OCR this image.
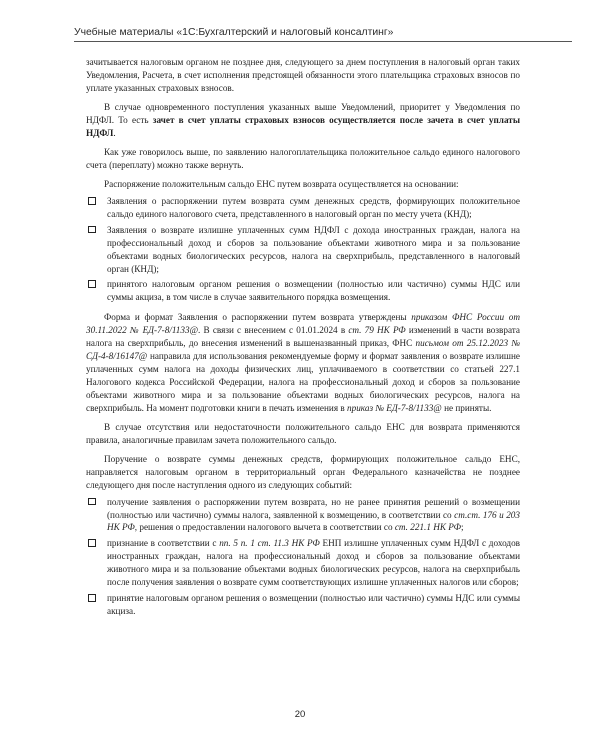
Учебные материалы «1С:Бухгалтерский и налоговый консалтинг»

зачитывается налоговым органом не позднее дня, следующего за днем поступления в налоговый орган таких Уведомления, Расчета, в счет исполнения предстоящей обязанности этого плательщика страховых взносов по уплате указанных страховых взносов.

В случае одновременного поступления указанных выше Уведомлений, приоритет у Уведомления по НДФЛ. То есть зачет в счет уплаты страховых взносов осуществляется после зачета в счет уплаты НДФЛ.

Как уже говорилось выше, по заявлению налогоплательщика положительное сальдо единого налогового счета (переплату) можно также вернуть.

Распоряжение положительным сальдо ЕНС путем возврата осуществляется на основании:

Заявления о распоряжении путем возврата сумм денежных средств, формирующих положительное сальдо единого налогового счета, представленного в налоговый орган по месту учета (КНД);
Заявления о возврате излишне уплаченных сумм НДФЛ с дохода иностранных граждан, налога на профессиональный доход и сборов за пользование объектами животного мира и за пользование объектами водных биологических ресурсов, налога на сверхприбыль, представленного в налоговый орган (КНД);
принятого налоговым органом решения о возмещении (полностью или частично) суммы НДС или суммы акциза, в том числе в случае заявительного порядка возмещения.

Форма и формат Заявления о распоряжении путем возврата утверждены приказом ФНС России от 30.11.2022 № ЕД-7-8/1133@. В связи с внесением с 01.01.2024 в ст. 79 НК РФ изменений в части возврата налога на сверхприбыль, до внесения изменений в вышеназванный приказ, ФНС письмом от 25.12.2023 № СД-4-8/16147@ направила для использования рекомендуемые форму и формат заявления о возврате излишне уплаченных сумм налога на доходы физических лиц, уплачиваемого в соответствии со статьей 227.1 Налогового кодекса Российской Федерации, налога на профессиональный доход и сборов за пользование объектами животного мира и за пользование объектами водных биологических ресурсов, налога на сверхприбыль. На момент подготовки книги в печать изменения в приказ № ЕД-7-8/1133@ не приняты.

В случае отсутствия или недостаточности положительного сальдо ЕНС для возврата применяются правила, аналогичные правилам зачета положительного сальдо.

Поручение о возврате суммы денежных средств, формирующих положительное сальдо ЕНС, направляется налоговым органом в территориальный орган Федерального казначейства не позднее следующего дня после наступления одного из следующих событий:

получение заявления о распоряжении путем возврата, но не ранее принятия решений о возмещении (полностью или частично) суммы налога, заявленной к возмещению, в соответствии со ст.ст. 176 и 203 НК РФ, решения о предоставлении налогового вычета в соответствии со ст. 221.1 НК РФ;
признание в соответствии с пп. 5 п. 1 ст. 11.3 НК РФ ЕНП излишне уплаченных сумм НДФЛ с доходов иностранных граждан, налога на профессиональный доход и сборов за пользование объектами животного мира и за пользование объектами водных биологических ресурсов, налога на сверхприбыль после получения заявления о возврате сумм соответствующих излишне уплаченных налогов или сборов;
принятие налоговым органом решения о возмещении (полностью или частично) суммы НДС или суммы акциза.
20
